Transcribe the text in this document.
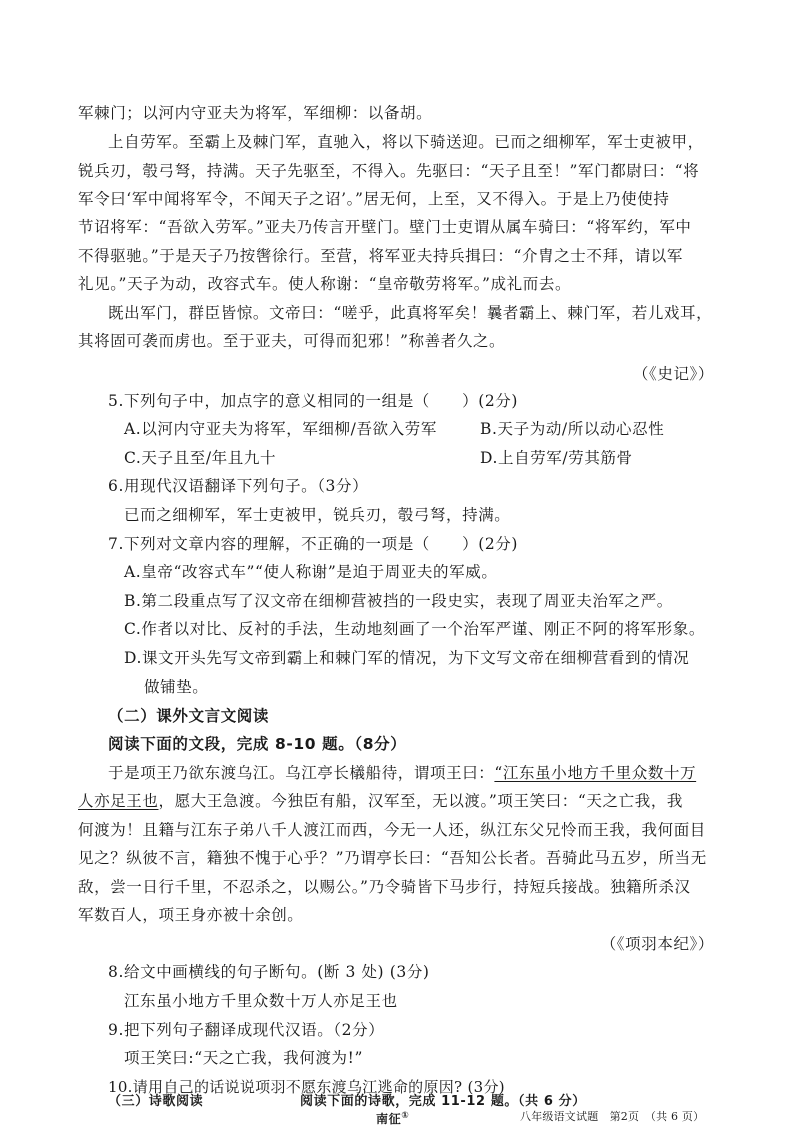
军棘门；以河内守亚夫为将军，军细柳：以备胡。

上自劳军。至霸上及棘门军，直驰入，将以下骑送迎。已而之细柳军，军士吏被甲，

锐兵刃，彀弓弩，持满。天子先驱至，不得入。先驱曰：“天子且至！”军门都尉曰：“将

军令曰‘军中闻将军令，不闻天子之诏’。”居无何，上至，又不得入。于是上乃使使持

节诏将军：“吾欲入劳军。”亚夫乃传言开壁门。壁门士吏谓从属车骑曰：“将军约，军中

不得驱驰。”于是天子乃按辔徐行。至营，将军亚夫持兵揖曰：“介胄之士不拜，请以军

礼见。”天子为动，改容式车。使人称谢：“皇帝敬劳将军。”成礼而去。

既出军门，群臣皆惊。文帝曰：“嗟乎，此真将军矣！曩者霸上、棘门军，若儿戏耳，

其将固可袭而虏也。至于亚夫，可得而犯邪！”称善者久之。

（《史记》）

5.下列句子中，加点字的意义相同的一组是（　　）(2分)

A.以河内守亚夫为将军，军细柳/吾欲入劳军	B.天子为动/所以动心忍性

C.天子且至/年且九十	D.上自劳军/劳其筋骨

6.用现代汉语翻译下列句子。（3分）

已而之细柳军，军士吏被甲，锐兵刃，彀弓弩，持满。

7.下列对文章内容的理解，不正确的一项是（　　）(2分)

A.皇帝“改容式车”“使人称谢”是迫于周亚夫的军威。

B.第二段重点写了汉文帝在细柳营被挡的一段史实，表现了周亚夫治军之严。

C.作者以对比、反衬的手法，生动地刻画了一个治军严谨、刚正不阿的将军形象。

D.课文开头先写文帝到霸上和棘门军的情况，为下文写文帝在细柳营看到的情况

做铺垫。

（二）课外文言文阅读

阅读下面的文段，完成 8-10 题。（8分）

于是项王乃欲东渡乌江。乌江亭长檥船待，谓项王曰：“江东虽小地方千里众数十万

人亦足王也，愿大王急渡。今独臣有船，汉军至，无以渡。”项王笑曰：“天之亡我，我

何渡为！且籍与江东子弟八千人渡江而西，今无一人还，纵江东父兄怜而王我，我何面目

见之？纵彼不言，籍独不愧于心乎？”乃谓亭长曰：“吾知公长者。吾骑此马五岁，所当无

敌，尝一日行千里，不忍杀之，以赐公。”乃令骑皆下马步行，持短兵接战。独籍所杀汉

军数百人，项王身亦被十余创。

（《项羽本纪》）

8.给文中画横线的句子断句。(断 3 处) (3分)

江东虽小地方千里众数十万人亦足王也

9.把下列句子翻译成现代汉语。（2分）

项王笑曰:“天之亡我，我何渡为!”

10.请用自己的话说说项羽不愿东渡乌江逃命的原因? (3分)

（三）诗歌阅读	阅读下面的诗歌，完成 11-12 题。（共 6 分）

南征①	八年级语文试题　第2页　（共 6 页）
